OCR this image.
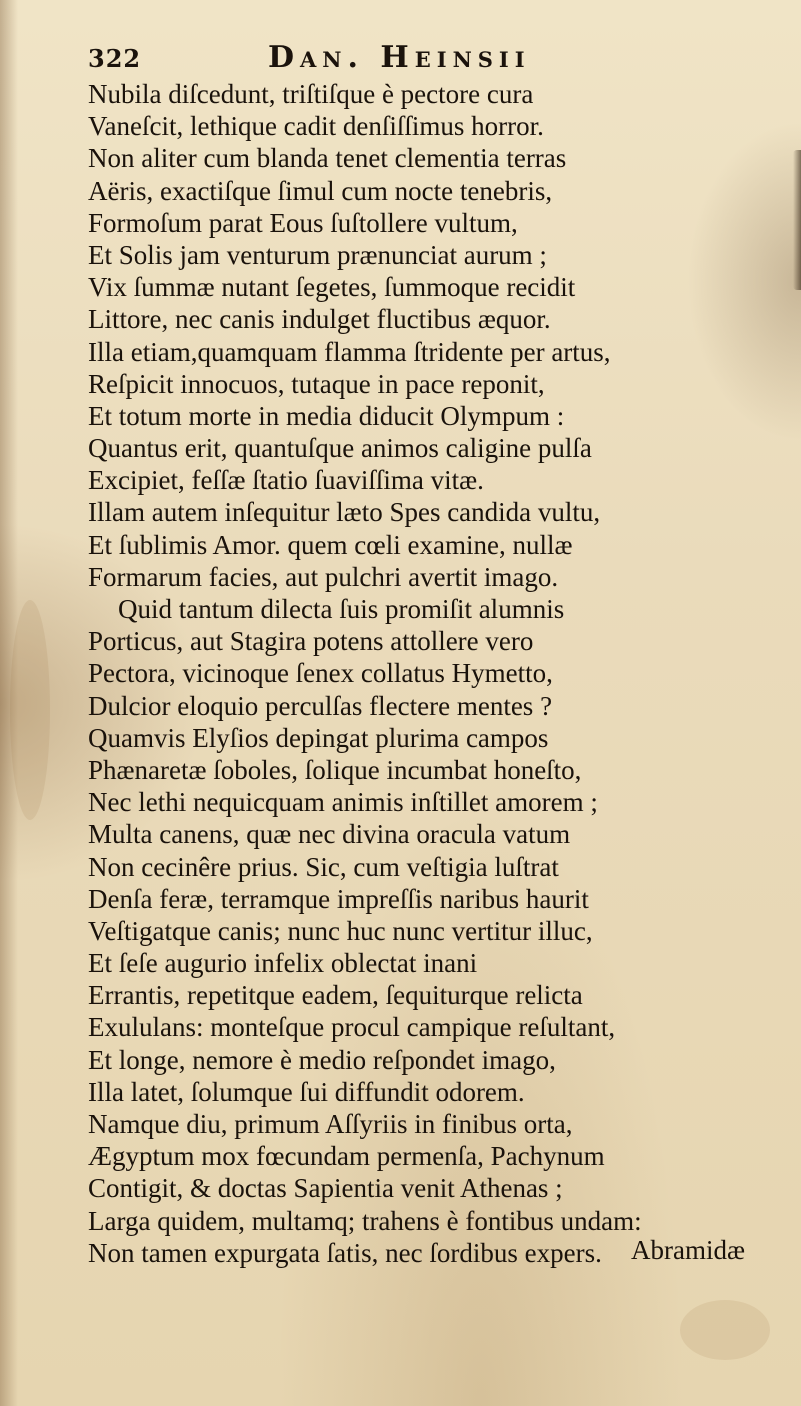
322	Dan. Heinsii
Nubila diſcedunt, triſtiſque è pectore cura
Vaneſcit, lethique cadit denſiſſimus horror.
Non aliter cum blanda tenet clementia terras
Aëris, exactiſque ſimul cum nocte tenebris,
Formoſum parat Eous ſuſtollere vultum,
Et Solis jam venturum prænunciat aurum ;
Vix ſummæ nutant ſegetes, ſummoque recidit
Littore, nec canis indulget fluctibus æquor.
Illa etiam,quamquam flamma ſtridente per artus,
Reſpicit innocuos, tutaque in pace reponit,
Et totum morte in media diducit Olympum :
Quantus erit, quantuſque animos caligine pulſa
Excipiet, feſſæ ſtatio ſuaviſſima vitæ.
Illam autem inſequitur læto Spes candida vultu,
Et ſublimis Amor. quem cœli examine, nullæ
Formarum facies, aut pulchri avertit imago.
Quid tantum dilecta ſuis promiſit alumnis
Porticus, aut Stagira potens attollere vero
Pectora, vicinoque ſenex collatus Hymetto,
Dulcior eloquio perculſas flectere mentes ?
Quamvis Elyſios depingat plurima campos
Phænaretæ ſoboles, ſolique incumbat honeſto,
Nec lethi nequicquam animis inſtillet amorem ;
Multa canens, quæ nec divina oracula vatum
Non cecinêre prius. Sic, cum veſtigia luſtrat
Denſa feræ, terramque impreſſis naribus haurit
Veſtigatque canis; nunc huc nunc vertitur illuc,
Et ſeſe augurio infelix oblectat inani
Errantis, repetitque eadem, ſequiturque relicta
Exululans: monteſque procul campique reſultant,
Et longe, nemore è medio reſpondet imago,
Illa latet, ſolumque ſui diffundit odorem.
Namque diu, primum Aſſyriis in finibus orta,
Ægyptum mox fœcundam permenſa, Pachynum
Contigit, & doctas Sapientia venit Athenas ;
Larga quidem, multamq; trahens è fontibus undam:
Non tamen expurgata ſatis, nec ſordibus expers.	Abramidæ
